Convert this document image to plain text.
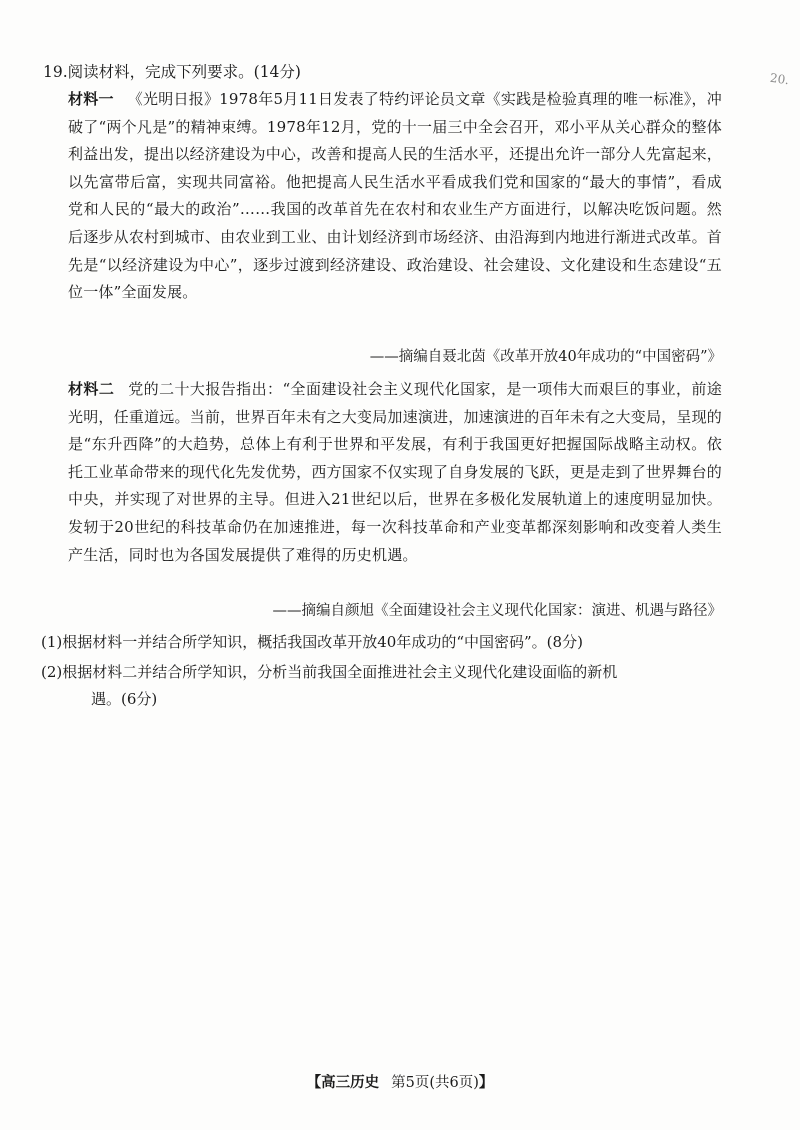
19.阅读材料，完成下列要求。(14分)	20.
材料一 《光明日报》1978年5月11日发表了特约评论员文章《实践是检验真理的唯一标准》，冲破了“两个凡是”的精神束缚。1978年12月，党的十一届三中全会召开，邓小平从关心群众的整体利益出发，提出以经济建设为中心，改善和提高人民的生活水平，还提出允许一部分人先富起来，以先富带后富，实现共同富裕。他把提高人民生活水平看成我们党和国家的“最大的事情”，看成党和人民的“最大的政治”……我国的改革首先在农村和农业生产方面进行，以解决吃饭问题。然后逐步从农村到城市、由农业到工业、由计划经济到市场经济、由沿海到内地进行渐进式改革。首先是“以经济建设为中心”，逐步过渡到经济建设、政治建设、社会建设、文化建设和生态建设“五位一体”全面发展。
——摘编自聂北茵《改革开放40年成功的“中国密码”》
材料二 党的二十大报告指出：“全面建设社会主义现代化国家，是一项伟大而艰巨的事业，前途光明，任重道远。当前，世界百年未有之大变局加速演进，加速演进的百年未有之大变局，呈现的是“东升西降”的大趋势，总体上有利于世界和平发展，有利于我国更好把握国际战略主动权。依托工业革命带来的现代化先发优势，西方国家不仅实现了自身发展的飞跃，更是走到了世界舞台的中央，并实现了对世界的主导。但进入21世纪以后，世界在多极化发展轨道上的速度明显加快。发轫于20世纪的科技革命仍在加速推进，每一次科技革命和产业变革都深刻影响和改变着人类生产生活，同时也为各国发展提供了难得的历史机遇。
——摘编自颜旭《全面建设社会主义现代化国家：演进、机遇与路径》
(1)根据材料一并结合所学知识，概括我国改革开放40年成功的“中国密码”。(8分)
(2)根据材料二并结合所学知识，分析当前我国全面推进社会主义现代化建设面临的新机
遇。(6分)
【高三历史 第5页(共6页)】
